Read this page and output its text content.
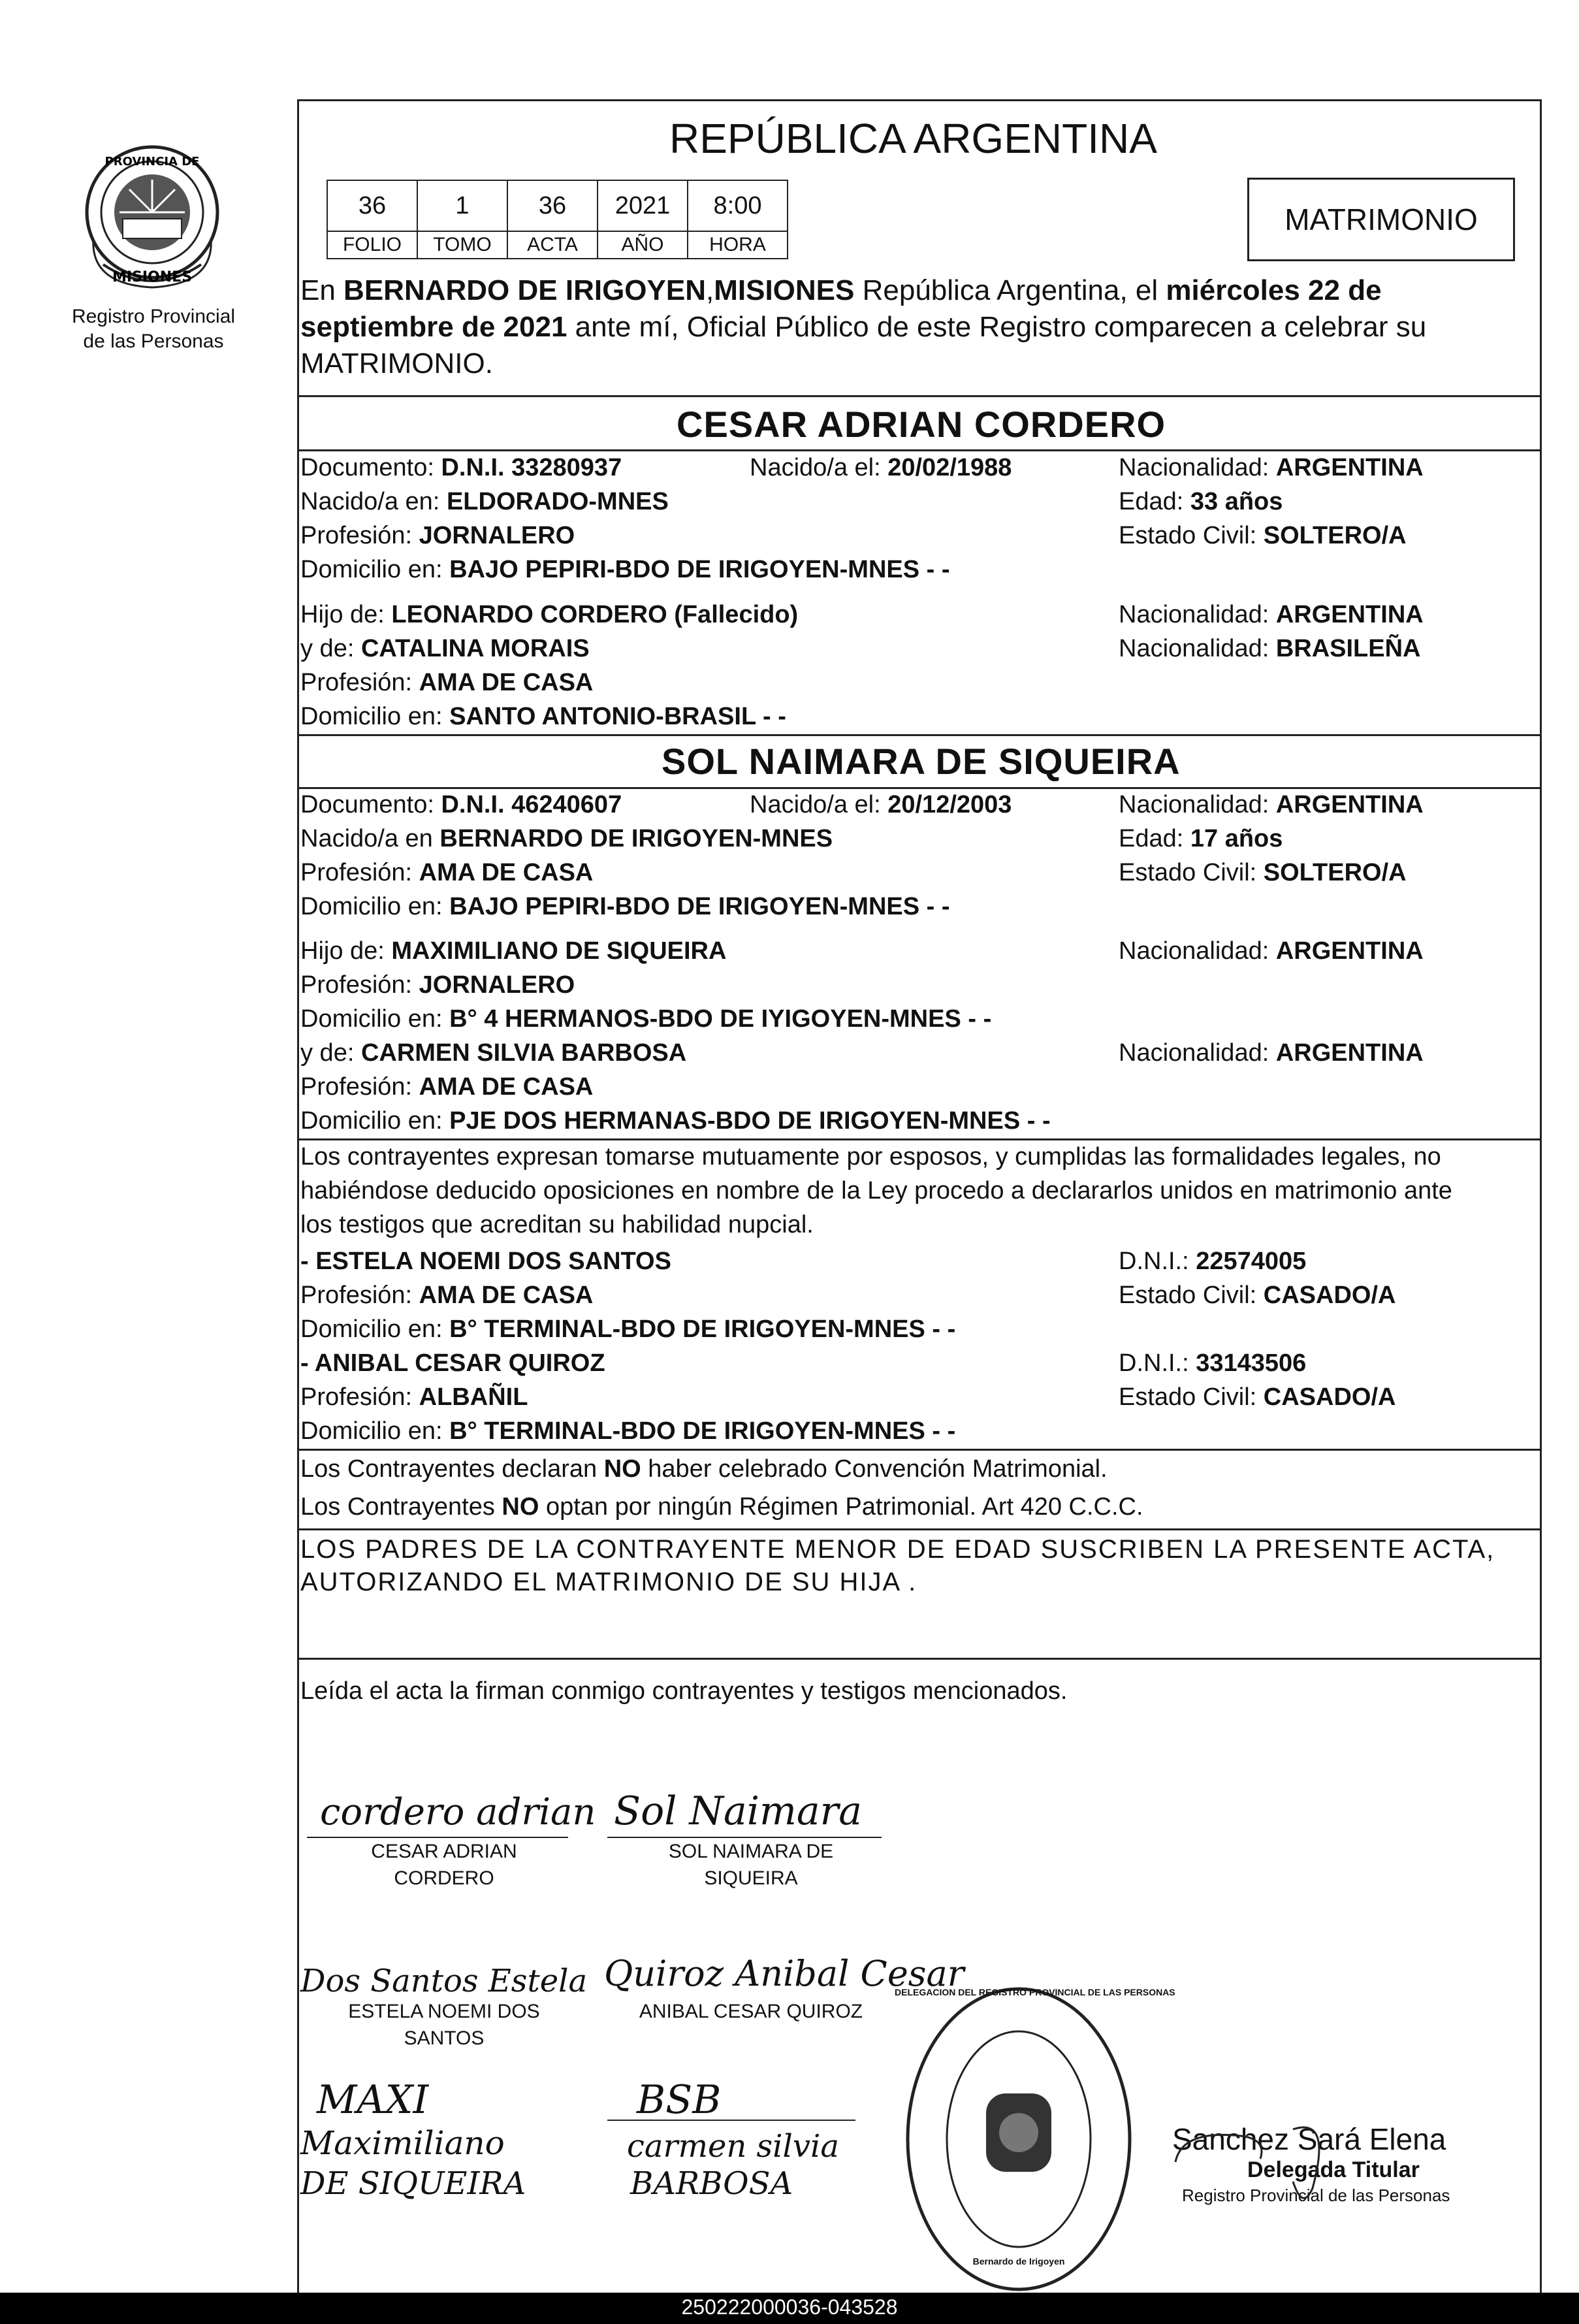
PROVINCIA DE
MISIONES
Registro Provincial
de las Personas
REPÚBLICA ARGENTINA
36	1	36	2021	8:00
FOLIO	TOMO	ACTA	AÑO	HORA
MATRIMONIO
En BERNARDO DE IRIGOYEN,MISIONES República Argentina, el miércoles 22 de
septiembre de 2021 ante mí, Oficial Público de este Registro comparecen a celebrar su
MATRIMONIO.
CESAR ADRIAN CORDERO
Documento: D.N.I. 33280937	Nacido/a el: 20/02/1988	Nacionalidad: ARGENTINA
Nacido/a en: ELDORADO-MNES	Edad: 33 años
Profesión: JORNALERO	Estado Civil: SOLTERO/A
Domicilio en: BAJO PEPIRI-BDO DE IRIGOYEN-MNES - -
Hijo de: LEONARDO CORDERO (Fallecido)	Nacionalidad: ARGENTINA
y de: CATALINA MORAIS	Nacionalidad: BRASILEÑA
Profesión: AMA DE CASA
Domicilio en: SANTO ANTONIO-BRASIL - -
SOL NAIMARA DE SIQUEIRA
Documento: D.N.I. 46240607	Nacido/a el: 20/12/2003	Nacionalidad: ARGENTINA
Nacido/a en BERNARDO DE IRIGOYEN-MNES	Edad: 17 años
Profesión: AMA DE CASA	Estado Civil: SOLTERO/A
Domicilio en: BAJO PEPIRI-BDO DE IRIGOYEN-MNES - -
Hijo de: MAXIMILIANO DE SIQUEIRA	Nacionalidad: ARGENTINA
Profesión: JORNALERO
Domicilio en: B° 4 HERMANOS-BDO DE IYIGOYEN-MNES - -
y de: CARMEN SILVIA BARBOSA	Nacionalidad: ARGENTINA
Profesión: AMA DE CASA
Domicilio en: PJE DOS HERMANAS-BDO DE IRIGOYEN-MNES - -
Los contrayentes expresan tomarse mutuamente por esposos, y cumplidas las formalidades legales, no
habiéndose deducido oposiciones en nombre de la Ley procedo a declararlos unidos en matrimonio ante
los testigos que acreditan su habilidad nupcial.
- ESTELA NOEMI DOS SANTOS	D.N.I.: 22574005
Profesión: AMA DE CASA	Estado Civil: CASADO/A
Domicilio en: B° TERMINAL-BDO DE IRIGOYEN-MNES - -
- ANIBAL CESAR QUIROZ	D.N.I.: 33143506
Profesión: ALBAÑIL	Estado Civil: CASADO/A
Domicilio en: B° TERMINAL-BDO DE IRIGOYEN-MNES - -
Los Contrayentes declaran NO haber celebrado Convención Matrimonial.
Los Contrayentes NO optan por ningún Régimen Patrimonial. Art 420 C.C.C.
LOS PADRES DE LA CONTRAYENTE MENOR DE EDAD SUSCRIBEN LA PRESENTE ACTA,
AUTORIZANDO EL MATRIMONIO DE SU HIJA .
Leída el acta la firman conmigo contrayentes y testigos mencionados.
cordero adrian
CESAR ADRIAN
CORDERO
Sol Naimara
SOL NAIMARA DE
SIQUEIRA
Dos Santos Estela
ESTELA NOEMI DOS
SANTOS
Quiroz Anibal Cesar
ANIBAL CESAR QUIROZ
MAXI
Maximiliano
DE SIQUEIRA
BSB
carmen silvia
BARBOSA
DELEGACION DEL REGISTRO PROVINCIAL DE LAS PERSONAS
Bernardo de Irigoyen
Sanchez Sará Elena
Delegada Titular
Registro Provincial de las Personas
250222000036-043528
